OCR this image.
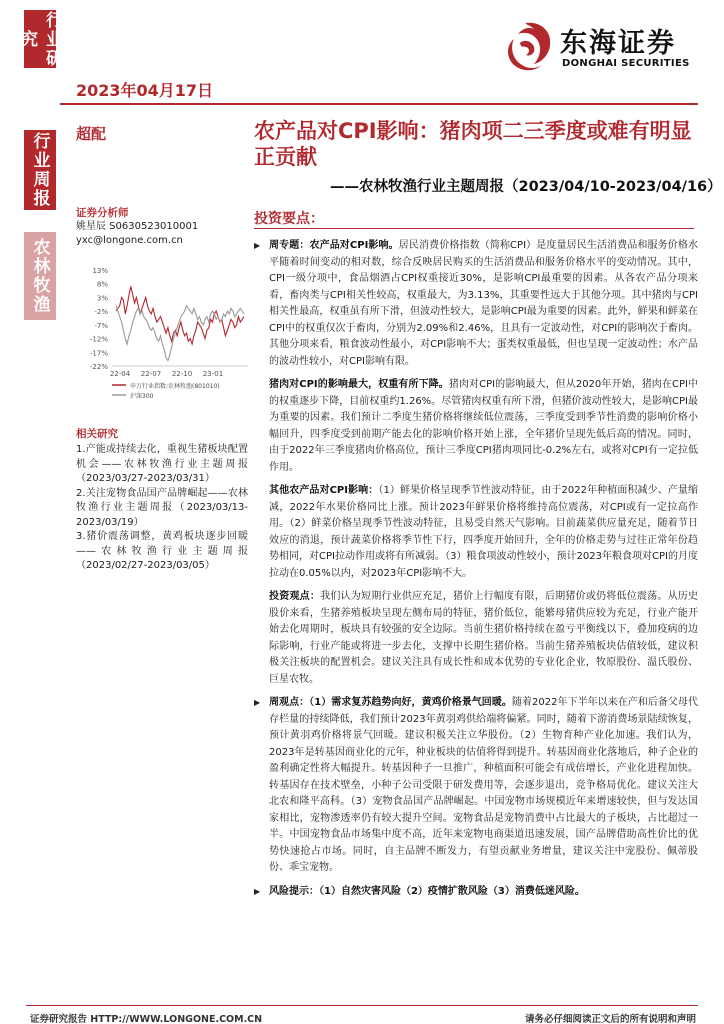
行业研究
行业周报
农林牧渔
东海证券
DONGHAI SECURITIES
2023年04月17日
超配	农产品对CPI影响：猪肉项二三季度或难有明显正贡献
——农林牧渔行业主题周报（2023/04/10-2023/04/16）
证券分析师
姚星辰 S0630523010001
yxc@longone.com.cn
13%
8%
3%
-2%
-7%
-12%
-17%
-22%
22-04 22-07 22-10 23-01
申万行业指数:农林牧渔(801010)
沪深300
相关研究

1.产能或持续去化，重视生猪板块配置机会——农林牧渔行业主题周报（2023/03/27-2023/03/31）

2.关注宠物食品国产品牌崛起——农林牧渔行业主题周报（2023/03/13-2023/03/19）

3.猪价震荡调整，黄鸡板块逐步回暖——农林牧渔行业主题周报（2023/02/27-2023/03/05）

投资要点：

▶ 周专题：农产品对CPI影响。居民消费价格指数（简称CPI）是度量居民生活消费品和服务价格水平随着时间变动的相对数，综合反映居民购买的生活消费品和服务价格水平的变动情况。其中，CPI一级分项中，食品烟酒占CPI权重接近30%，是影响CPI最重要的因素。从各农产品分项来看，畜肉类与CPI相关性较高，权重最大，为3.13%，其重要性远大于其他分项。其中猪肉与CPI相关性最高，权重虽有所下滑，但波动性较大，是影响CPI最为重要的因素。此外，鲜果和鲜菜在CPI中的权重仅次于畜肉，分别为2.09%和2.46%，且具有一定波动性，对CPI的影响次于畜肉。其他分项来看，粮食波动性最小，对CPI影响不大；蛋类权重最低，但也呈现一定波动性；水产品的波动性较小，对CPI影响有限。

猪肉对CPI的影响最大，权重有所下降。猪肉对CPI的影响最大，但从2020年开始，猪肉在CPI中的权重逐步下降，目前权重约1.26%。尽管猪肉权重有所下滑，但猪价波动性较大，是影响CPI最为重要的因素。我们预计二季度生猪价格将继续低位震荡，三季度受到季节性消费的影响价格小幅回升，四季度受到前期产能去化的影响价格开始上涨，全年猪价呈现先低后高的情况。同时，由于2022年三季度猪肉价格高位，预计三季度CPI猪肉项同比-0.2%左右，或将对CPI有一定拉低作用。

其他农产品对CPI影响：（1）鲜果价格呈现季节性波动特征，由于2022年种植面积减少、产量缩减，2022年水果价格同比上涨。预计2023年鲜果价格将维持高位震荡，对CPI或有一定拉高作用。（2）鲜菜价格呈现季节性波动特征，且易受自然天气影响。目前蔬菜供应量充足，随着节日效应的消退，预计蔬菜价格将季节性下行，四季度开始回升，全年的价格走势与过往正常年份趋势相同，对CPI拉动作用或将有所减弱。（3）粮食项波动性较小，预计2023年粮食项对CPI的月度拉动在0.05%以内，对2023年CPI影响不大。

投资观点：我们认为短期行业供应充足，猪价上行幅度有限，后期猪价或仍将低位震荡。从历史股价来看，生猪养殖板块呈现左侧布局的特征，猪价低位，能繁母猪供应较为充足，行业产能开始去化周期时，板块具有较强的安全边际。当前生猪价格持续在盈亏平衡线以下，叠加疫病的边际影响，行业产能或将进一步去化，支撑中长期生猪价格。当前生猪养殖板块估值较低，建议积极关注板块的配置机会。建议关注具有成长性和成本优势的专业化企业，牧原股份、温氏股份、巨星农牧。

▶ 周观点：（1）需求复苏趋势向好，黄鸡价格景气回暖。随着2022年下半年以来在产和后备父母代存栏量的持续降低，我们预计2023年黄羽鸡供给端将偏紧。同时，随着下游消费场景陆续恢复，预计黄羽鸡价格将景气回暖。建议积极关注立华股份。（2）生物育种产业化加速。我们认为，2023年是转基因商业化的元年，种业板块的估值将得到提升。转基因商业化落地后，种子企业的盈利确定性将大幅提升。转基因种子一旦推广，种植面积可能会有成倍增长，产业化进程加快。转基因存在技术壁垒，小种子公司受限于研发费用等，会逐步退出，竞争格局优化。建议关注大北农和隆平高科。（3）宠物食品国产品牌崛起。中国宠物市场规模近年来增速较快，但与发达国家相比，宠物渗透率仍有较大提升空间。宠物食品是宠物消费中占比最大的子板块，占比超过一半。中国宠物食品市场集中度不高，近年来宠物电商渠道迅速发展，国产品牌借助高性价比的优势快速抢占市场。同时，自主品牌不断发力，有望贡献业务增量，建议关注中宠股份、佩蒂股份、乖宝宠物。

▶ 风险提示：（1）自然灾害风险（2）疫情扩散风险（3）消费低迷风险。

证券研究报告 HTTP://WWW.LONGONE.COM.CN	请务必仔细阅读正文后的所有说明和声明
